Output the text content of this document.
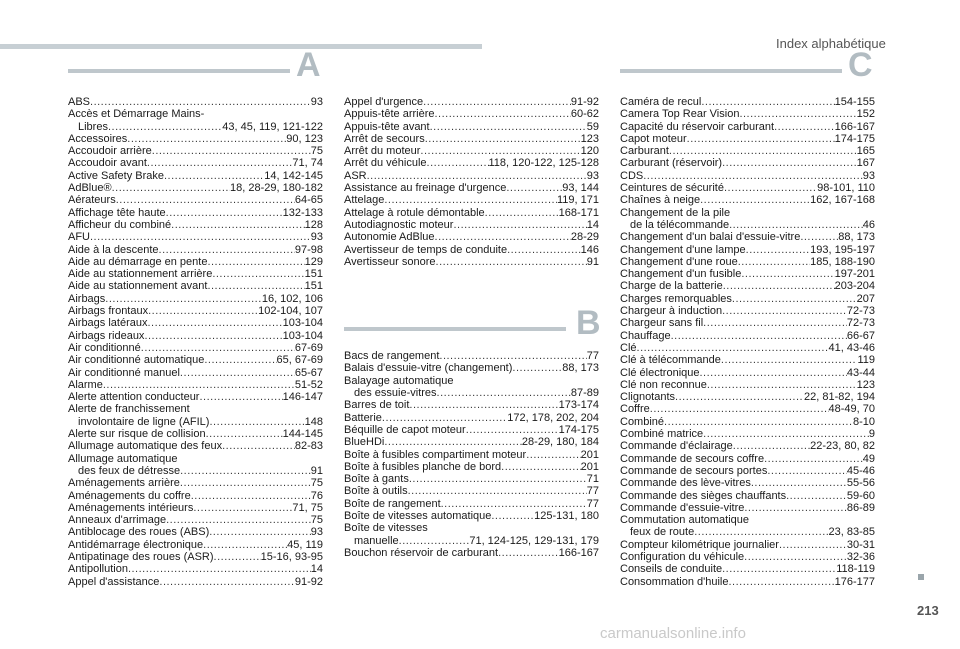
Index alphabétique
A
ABS .....	93
Accès et Démarrage Mains-
Libres .....	43, 45, 119, 121-122
Accessoires .....	90, 123
Accoudoir arrière .....	75
Accoudoir avant .....	71, 74
Active Safety Brake .....	14, 142-145
AdBlue® .....	18, 28-29, 180-182
Aérateurs .....	64-65
Affichage tête haute .....	132-133
Afficheur du combiné .....	128
AFU .....	93
Aide à la descente .....	97-98
Aide au démarrage en pente .....	129
Aide au stationnement arrière .....	151
Aide au stationnement avant .....	151
Airbags .....	16, 102, 106
Airbags frontaux .....	102-104, 107
Airbags latéraux .....	103-104
Airbags rideaux .....	103-104
Air conditionné .....	67-69
Air conditionné automatique .....	65, 67-69
Air conditionné manuel .....	65-67
Alarme .....	51-52
Alerte attention conducteur .....	146-147
Alerte de franchissement
involontaire de ligne (AFIL) .....	148
Alerte sur risque de collision .....	144-145
Allumage automatique des feux .....	82-83
Allumage automatique
des feux de détresse .....	91
Aménagements arrière .....	75
Aménagements du coffre .....	76
Aménagements intérieurs .....	71, 75
Anneaux d'arrimage .....	75
Antiblocage des roues (ABS) .....	93
Antidémarrage électronique .....	45, 119
Antipatinage des roues (ASR) .....	15-16, 93-95
Antipollution .....	14
Appel d'assistance .....	91-92
Appel d'urgence .....	91-92
Appuis-tête arrière .....	60-62
Appuis-tête avant .....	59
Arrêt de secours .....	123
Arrêt du moteur .....	120
Arrêt du véhicule .....	118, 120-122, 125-128
ASR .....	93
Assistance au freinage d'urgence .....	93, 144
Attelage .....	119, 171
Attelage à rotule démontable .....	168-171
Autodiagnostic moteur .....	14
Autonomie AdBlue .....	28-29
Avertisseur de temps de conduite .....	146
Avertisseur sonore .....	91
B
Bacs de rangement .....	77
Balais d'essuie-vitre (changement) .....	88, 173
Balayage automatique
des essuie-vitres .....	87-89
Barres de toit .....	173-174
Batterie .....	172, 178, 202, 204
Béquille de capot moteur .....	174-175
BlueHDi .....	28-29, 180, 184
Boîte à fusibles compartiment moteur .....	201
Boîte à fusibles planche de bord .....	201
Boîte à gants .....	71
Boîte à outils .....	77
Boîte de rangement .....	77
Boîte de vitesses automatique .....	125-131, 180
Boîte de vitesses
manuelle .....	71, 124-125, 129-131, 179
Bouchon réservoir de carburant .....	166-167
C
Caméra de recul .....	154-155
Camera Top Rear Vision .....	152
Capacité du réservoir carburant .....	166-167
Capot moteur .....	174-175
Carburant .....	165
Carburant (réservoir) .....	167
CDS .....	93
Ceintures de sécurité .....	98-101, 110
Chaînes à neige .....	162, 167-168
Changement de la pile
de la télécommande .....	46
Changement d'un balai d'essuie-vitre .....	88, 173
Changement d'une lampe .....	193, 195-197
Changement d'une roue .....	185, 188-190
Changement d'un fusible .....	197-201
Charge de la batterie .....	203-204
Charges remorquables .....	207
Chargeur à induction .....	72-73
Chargeur sans fil .....	72-73
Chauffage .....	66-67
Clé .....	41, 43-46
Clé à télécommande .....	119
Clé électronique .....	43-44
Clé non reconnue .....	123
Clignotants .....	22, 81-82, 194
Coffre .....	48-49, 70
Combiné .....	8-10
Combiné matrice .....	9
Commande d'éclairage .....	22-23, 80, 82
Commande de secours coffre .....	49
Commande de secours portes .....	45-46
Commande des lève-vitres .....	55-56
Commande des sièges chauffants .....	59-60
Commande d'essuie-vitre .....	86-89
Commutation automatique
feux de route .....	23, 83-85
Compteur kilométrique journalier .....	30-31
Configuration du véhicule .....	32-36
Conseils de conduite .....	118-119
Consommation d'huile .....	176-177
213
carmanualsonline.info
